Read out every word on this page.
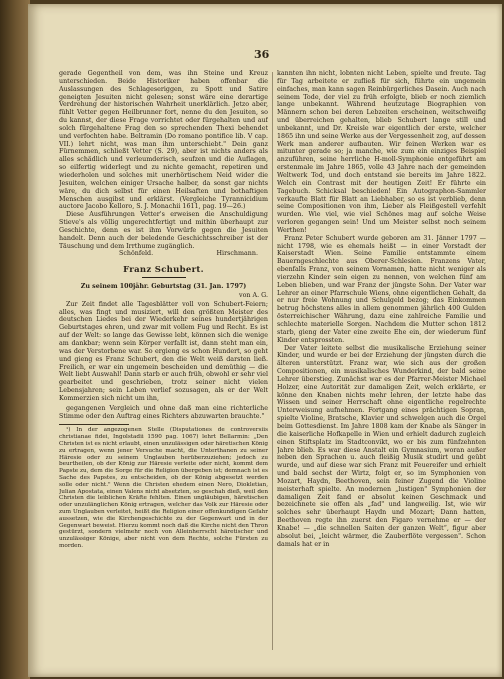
36

gerade Gegentheil von dem, was ihn Steine und Kreuz unterschieden. Beide Historiker haben offenbar die Auslassungen des Schlageseriggen, zu Spott und Satire geneigten Jesuiten nicht gelesen; sonst wäre eine derartige Verdrehung der historischen Wahrheit unerklärlich. Jetzo aber, fühlt Vetter gegen Heilbrunner fort, nenne du den Jesuiten, so du kannst, der diese Frage vorrichtet oder fürgehalten und auf solch fürgehaltene Frag den so sprechenden Thexi behendet und verfochten habe. Beltramin (Do romano pontifice lib. V cap. VII.) lehrt nicht, was man ihm unterschiebt." Dein ganz Fürnemmen, schließt Vetter (S. 29), aber ist nichts anders als alles schädlich und verleumderisch, seufzen und die Auflagen, so eilfertig widerlegt und zu nichte gemacht, repetiren und wiederholen und solches mit unerhörtischem Neid wider die Jesuiten, welchen einiger Ursache halber, da sonst gar nichts wäre, du dich selbst für einen Heilsaften und bothaftigen Menschen ausgibst und erklärst. (Vergleiche Tyrannicidium auctore Jacobo Kelloro, S. J. Monachii 1611, pag. 19—26.)

Diese Ausführungen Vetter's erweisen die Anschuldigung Stieve's als völlig ungerechtfertigt und mithin überhaupt zur Geschichte, denn es ist ihm Vorwürfe gegen die Jesuiten handelt. Denn auch der beledende Geschichtsschreiber ist der Täuschung und dem Irrthume zugänglich.

Schönfeld.	Hirschmann.
Franz Schubert.
Zu seinem 100jähr. Geburtstag (31. Jan. 1797)
von A. G.

Zur Zeit findet alle Tagesblätter voll von Schubert-Feiern; alles, was fingt und musiziert, will den größten Meister des deutschen Liedes bei der Wiederkehr seines hundertjährigen Geburtstages ehren, und zwar mit vollem Fug und Recht. Es ist auf der Welt: so lange das Gewisse lebt, können sich die wenige am dankbar; wenn sein Körper verfallt ist, dann steht man ein, was der Verstorbene war. So ergieng es schon Hundert, so geht und gieng es Franz Schubert, den die Welt weiß darsten ließ. Freilich, er war ein ungemein bescheiden und demüthig — die Welt liebt Auswahl! Dann starb er auch früh, obwohl er sehr viel gearbeitet und geschrieben, trotz seiner nicht vielen Lebensjahren; sein Leben verlief sozusagen, als er der Welt Kommerzien sich nicht um ihn,

gegangenen Vergleich und ohne daß man eine richterliche Stimme oder den Auftrag eines Richters abzuwarten brauchte."

¹) In der angezogenen Stelle (Disputationes de controversiis christianae fidei, Ingolstadii 1590 pag. 1067) lehrt Bellarmin: „Den Christen ist es nicht erlaubt, einen unzulässigen oder häretischen König zu ertragen, wenn jener Versuche macht, die Unterthanen zu seiner Häresie oder zu seinem Unglauben herüberzuziehen; jedoch zu beurtheilen, ob der König zur Häresie verleite oder nicht, kommt dem Papste zu, dem die Sorge für die Religion übergeben ist; demnach ist es Sache des Papstes, zu entscheiden, ob der König abgesetzt werden solle oder nicht." Wenn die Christen ehedem einen Nero, Diokletian, Julian Apostata, einen Valens nicht absetzten, so geschah dieß, weil den Christen die leiblichen Kräfte fehlten. Einen ungläubigen, häretischen oder unzulänglichen König ertragen, welcher das Volk zur Häresie oder zum Unglauben verleitet, heißt die Religion einer offenkundigen Gefahr aussetzen, wie die Kirchengeschichte zu der Gegenwart und in der Gegenwart beweist. Hierzu kommt noch daß die Kirche nicht den Thron gestürzt, sondern vielmehr noch von Alleinherrscht häretischer und unzulässiger Könige, aber nicht von dem Rechte, solche Fürsten zu morden.

kannten ihn nicht, lobnten nicht Leben, spielte und freute. Tag für Tag arbeitete er zufließ für sich, führte ein ungemein einfaches, man kann sagen Reinbürgerliches Dasein. Auch nach seinem Tode, der viel zu früh erfolgte, blieb er noch ziemlich lange unbekannt. Während heutzutage Biographien von Männern schon bei deren Lebzeiten erscheinen, weitschweifig und überreichen gehalten, blieb Schubert lange still und unbekannt, und Dr. Kreisle war eigentlich der erste, welcher 1865 ihn und seine Werke aus der Vergessenheit zog, auf dessen Werk man anderer aufbauten. Wir feinen Werken war es mitunter gerade so; ja manche, wie zum ein einziges Beispiel anzuführen, seine herrliche H-moll-Symphonie entgeführt am erstenmale im Jahre 1865, volle 43 Jahre nach der gemeinden Weltwerk Tod, und doch entstand sie bereits im Jahre 1822. Welch ein Contrast mit der heutigen Zeit! Er führte ein Tagebuch. Schicksal beschieden! Ein Autographon-Sammler verkaufte Blatt für Blatt an Liebhaber, so es ist verblieb, denn seine Compositionen von ihm, Lieber als Fleißgestell verfehlt wurden. Wie viel, wie viel Schönes mag auf solche Weise verloren gegangen sein! Und um Meister selbst noch seinem Werthen!

Franz Peter Schubert wurde geboren am 31. Jänner 1797 — nicht 1798, wie es ehemals heißt — in einer Vorstadt der Kaiserstadt Wien. Seine Familie entstammte einem Bauerngeschlechte aus Oberer-Schlesien. Franzens Vater, ebenfalls Franz, von seinem Vornamen, hatte nicht weniger als vierzehn Kinder sein eigen zu nennen, von welchen fünf am Leben blieben, und war Franz der jüngste Sohn. Der Vater war Lehrer an einer Pfarrschule Wiens, ohne eigentlichen Gehalt, da er nur freie Wohnung und Schulgeld bezog; das Einkommen betrug höchstens alles in allem genommen jährlich 400 Gulden österreichischer Währung, dazu eine zahlreiche Familie und schlechte materielle Sorgen. Nachdem die Mutter schon 1812 starb, gieng der Vater eine zweite Ehe ein, der wiederum fünf Kinder entsprossten.

Der Vater leitete selbst die musikalische Erziehung seiner Kinder, und wurde er bei der Erziehung der jüngsten durch die älteren unterstützt. Franz war, wie sich aus der großen Compositionen, ein musikalisches Wunderkind, der bald seine Lehrer überstieg. Zunächst war es der Pfarrer-Meister Michael Holzer, eine Autorität zur damaligen Zeit, welch erklärte, er könne den Knaben nichts mehr lehren, der letzte habe das Wissen und seiner Herrschaft ohne eigentliche regelrechte Unterweisung aufnehmen. Fortgang eines prächtigen Sopran, spielte Violine, Bratsche, Klavier und schwelgen auch die Orgel beim Gottesdienst. Im Jahre 1808 kam der Knabe als Sänger in die kaiserliche Hofkapelle in Wien und erhielt dadurch zugleich einen Stiftsplatz im Stadtconvikt, wo er bis zum fünfzehnten Jahre blieb. Es war diese Anstalt ein Gymnasium, woran außer neben den Sprachen u. auch fleißig Musik studirt und geübt wurde, und auf diese war sich Franz mit Feuereifer und erhielt und bald sechst der Wirtz, folgt er, so im Symphonien von Mozart, Haydn, Beethoven, sein feiner Zugend die Violine meisterhaft spielte. An modernen „lustigen" Symphonien der damaligen Zeit fand er absolut keinen Geschmack und bezeichnete sie offen als „fad" und langweilig. Ist, wie wir solches sehr überhaupt Haydn und Mozart; Dann hatten, Beethoven regte ihn zuerst den Figaro vernehme er — der Knabe! — „die schnellen Saiten der ganzen Welt“, figur aber absolut bei, „leicht wärmer, die Zauberflöte vergessen". Schon damals hat er in
